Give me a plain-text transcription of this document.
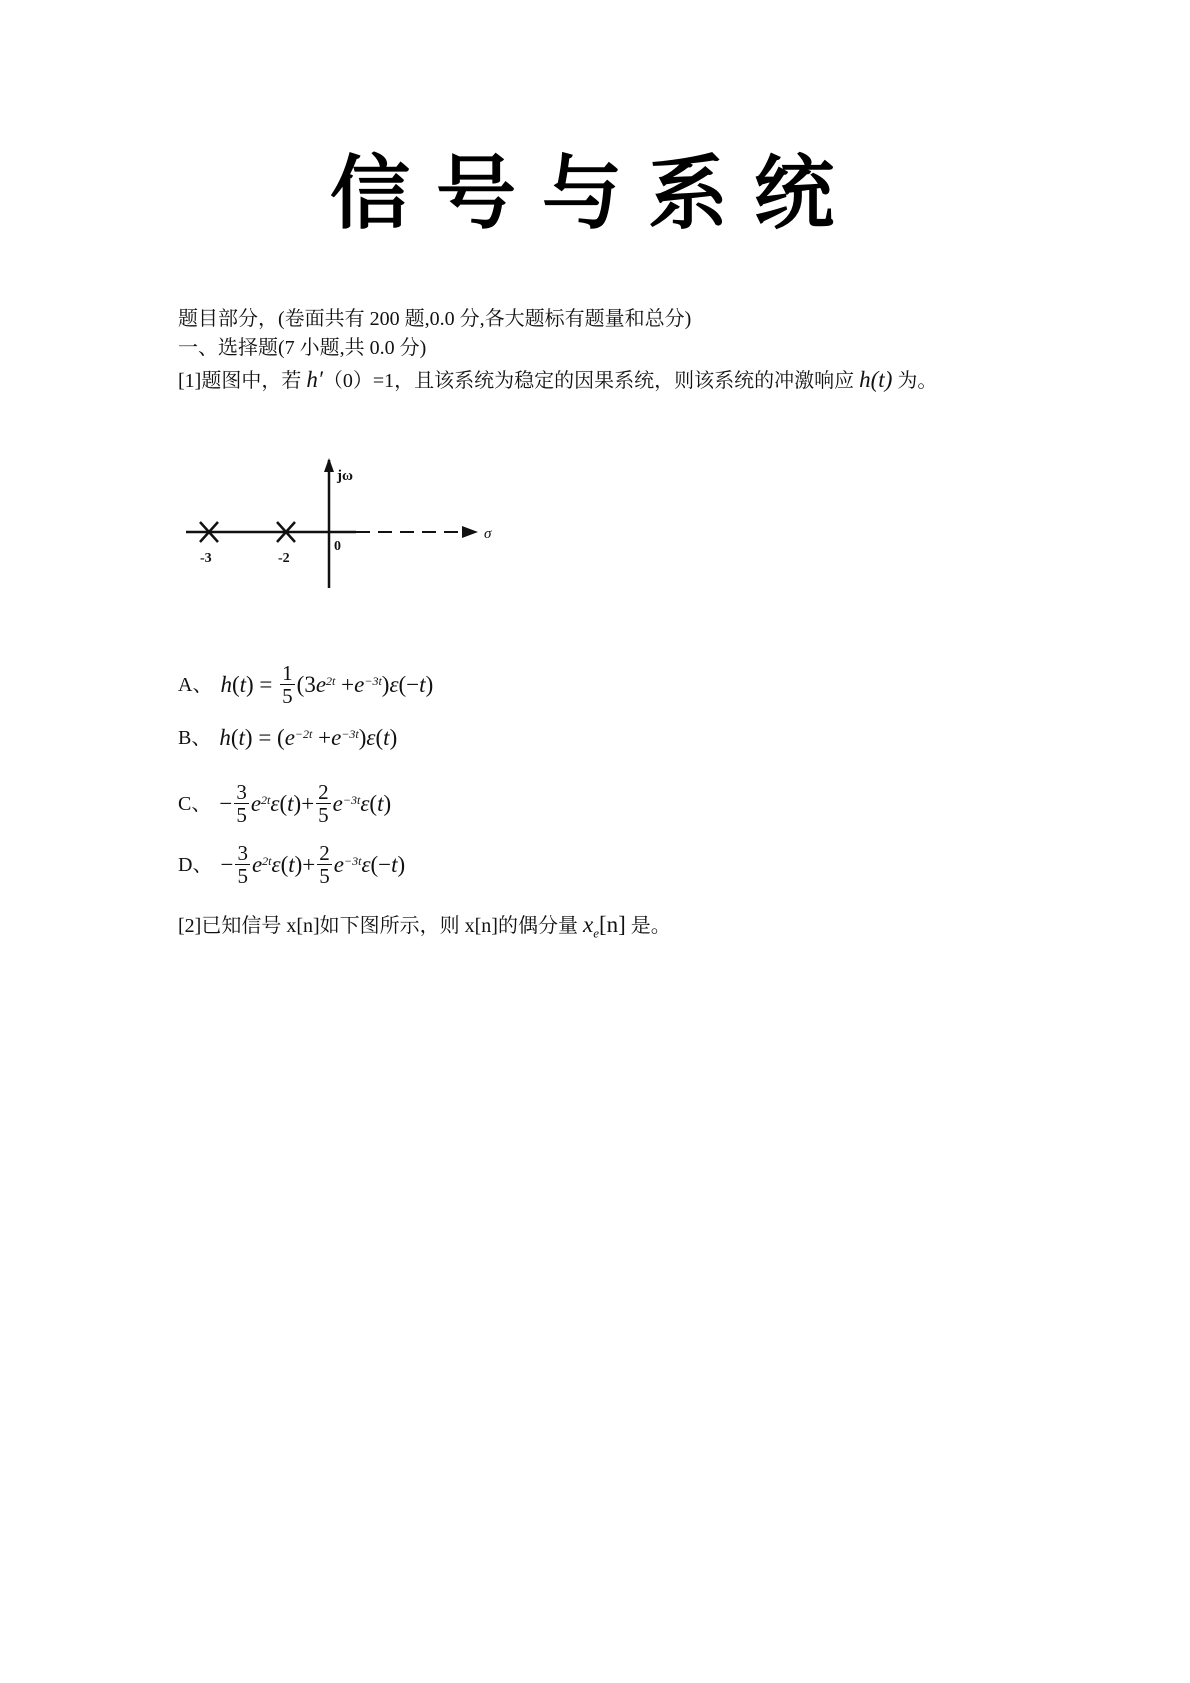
信号与系统
题目部分，(卷面共有 200 题,0.0 分,各大题标有题量和总分)
一、选择题(7 小题,共 0.0 分)
[1]题图中，若 h′（0）=1，且该系统为稳定的因果系统，则该系统的冲激响应 h(t) 为。
jω
σ
0
-3	-2
A、 h ( t ) = $\frac{1}{5} (3$ $e^{2t} + e^{-3t}$ ) ε (− t )
B、 h ( t ) = ( $e^{-2t} + e^{-3t}$ ) ε ( t )
C、 − $\frac{3}{5} e^{2t}$ ε ( t )+ $\frac{2}{5} e^{-3t}$ ε ( t )
D、 − $\frac{3}{5} e^{2t}$ ε ( t )+ $\frac{2}{5} e^{-3t}$ ε (− t )
[2]已知信号 x[n]如下图所示，则 x[n]的偶分量 $x_e[n]$ 是。
